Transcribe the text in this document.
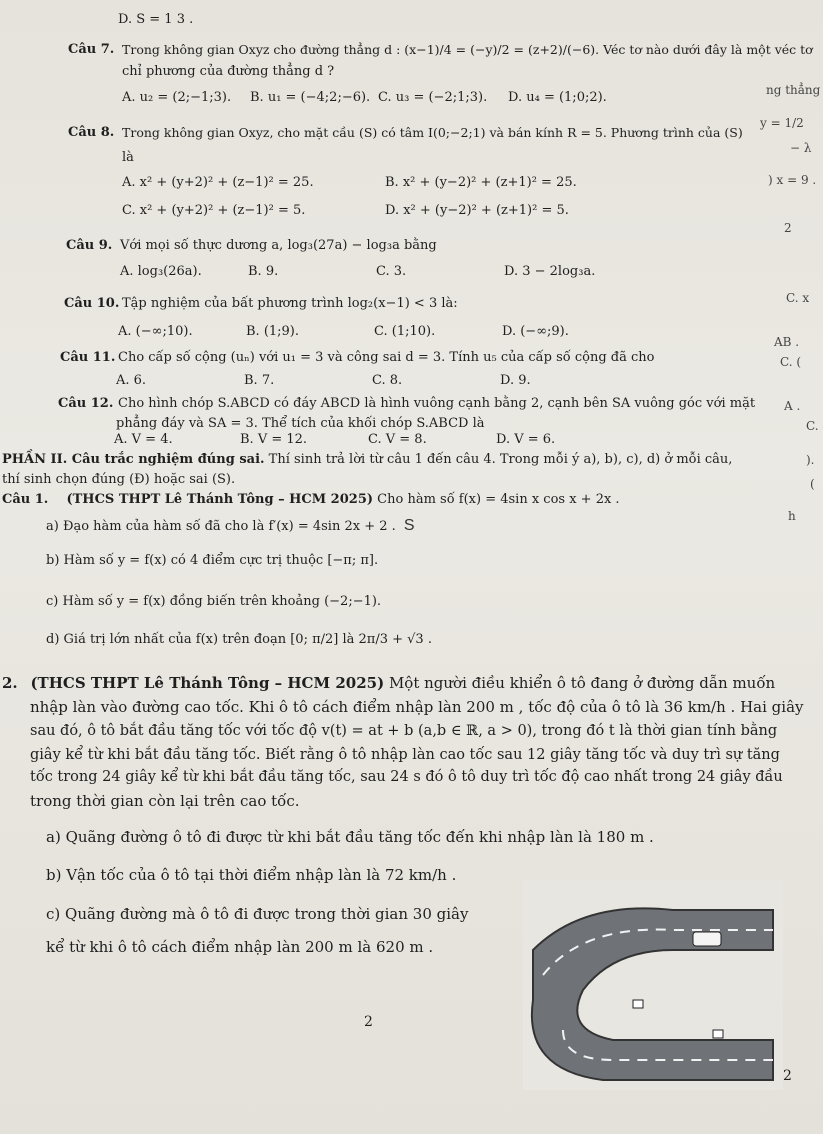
D. S = 1 3 .
Câu 7. Trong không gian Oxyz cho đường thẳng d : (x−1)/4 = (−y)/2 = (z+2)/(−6). Véc tơ nào dưới đây là một véc tơ
chỉ phương của đường thẳng d ?
A. u₂ = (2;−1;3). B. u₁ = (−4;2;−6). C. u₃ = (−2;1;3). D. u₄ = (1;0;2).
Câu 8. Trong không gian Oxyz, cho mặt cầu (S) có tâm I(0;−2;1) và bán kính R = 5. Phương trình của (S)
là
A. x² + (y+2)² + (z−1)² = 25.	B. x² + (y−2)² + (z+1)² = 25.
C. x² + (y+2)² + (z−1)² = 5.	D. x² + (y−2)² + (z+1)² = 5.
Câu 9. Với mọi số thực dương a, log₃(27a) − log₃a bằng
A. log₃(26a).	B. 9.	C. 3.	D. 3 − 2log₃a.
Câu 10. Tập nghiệm của bất phương trình log₂(x−1) < 3 là:
A. (−∞;10).	B. (1;9).	C. (1;10).	D. (−∞;9).
Câu 11. Cho cấp số cộng (uₙ) với u₁ = 3 và công sai d = 3. Tính u₅ của cấp số cộng đã cho
A. 6.	B. 7.	C. 8.	D. 9.
Câu 12. Cho hình chóp S.ABCD có đáy ABCD là hình vuông cạnh bằng 2, cạnh bên SA vuông góc với mặt
phẳng đáy và SA = 3. Thể tích của khối chóp S.ABCD là
A. V = 4.	B. V = 12.	C. V = 8.	D. V = 6.
PHẦN II. Câu trắc nghiệm đúng sai. Thí sinh trả lời từ câu 1 đến câu 4. Trong mỗi ý a), b), c), d) ở mỗi câu,
thí sinh chọn đúng (Đ) hoặc sai (S).
Câu 1. (THCS THPT Lê Thánh Tông – HCM 2025) Cho hàm số f(x) = 4sin x cos x + 2x .
a) Đạo hàm của hàm số đã cho là f′(x) = 4sin 2x + 2 . S
b) Hàm số y = f(x) có 4 điểm cực trị thuộc [−π; π].
c) Hàm số y = f(x) đồng biến trên khoảng (−2;−1).
d) Giá trị lớn nhất của f(x) trên đoạn [0; π/2] là 2π/3 + √3 .
2. (THCS THPT Lê Thánh Tông – HCM 2025) Một người điều khiển ô tô đang ở đường dẫn muốn
nhập làn vào đường cao tốc. Khi ô tô cách điểm nhập làn 200 m , tốc độ của ô tô là 36 km/h . Hai giây
sau đó, ô tô bắt đầu tăng tốc với tốc độ v(t) = at + b (a,b ∈ ℝ, a > 0), trong đó t là thời gian tính bằng
giây kể từ khi bắt đầu tăng tốc. Biết rằng ô tô nhập làn cao tốc sau 12 giây tăng tốc và duy trì sự tăng
tốc trong 24 giây kể từ khi bắt đầu tăng tốc, sau 24 s đó ô tô duy trì tốc độ cao nhất trong 24 giây đầu
trong thời gian còn lại trên cao tốc.
a) Quãng đường ô tô đi được từ khi bắt đầu tăng tốc đến khi nhập làn là 180 m .
b) Vận tốc của ô tô tại thời điểm nhập làn là 72 km/h .
c) Quãng đường mà ô tô đi được trong thời gian 30 giây
kể từ khi ô tô cách điểm nhập làn 200 m là 620 m .
2
2
ng thẳng
y = 1/2
− λ
) x = 9 .
2
C. x
AB .
C. (
A .
C.
).
(
h
